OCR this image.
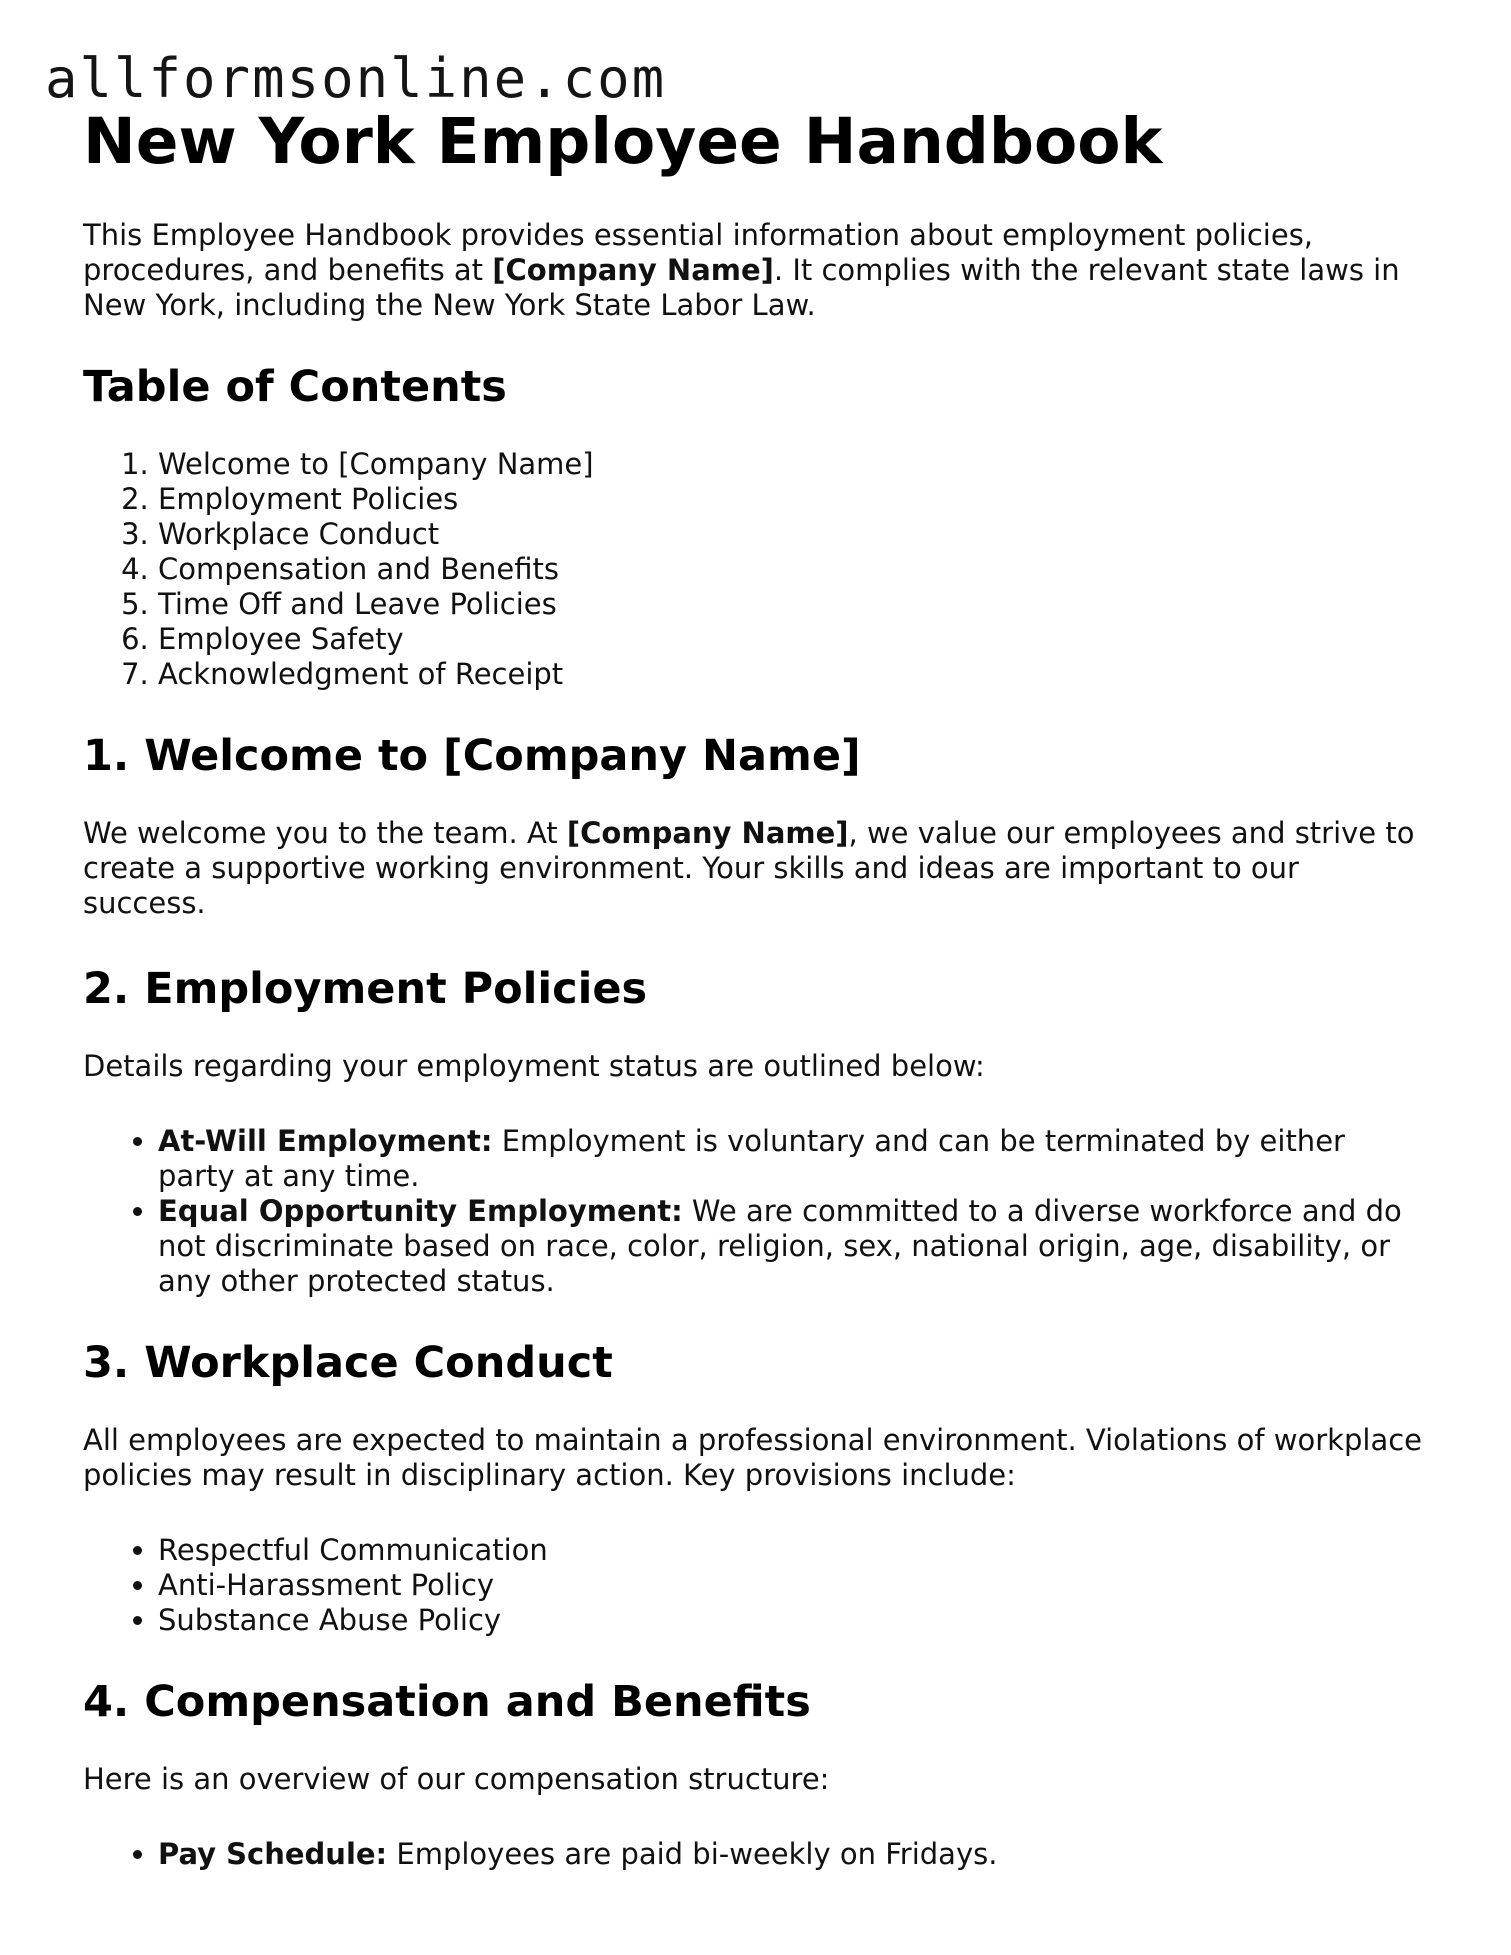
allformsonline.com
New York Employee Handbook

This Employee Handbook provides essential information about employment policies, procedures, and benefits at [Company Name]. It complies with the relevant state laws in New York, including the New York State Labor Law.

Table of Contents
1. Welcome to [Company Name]
2. Employment Policies
3. Workplace Conduct
4. Compensation and Benefits
5. Time Off and Leave Policies
6. Employee Safety
7. Acknowledgment of Receipt
1. Welcome to [Company Name]

We welcome you to the team. At [Company Name], we value our employees and strive to create a supportive working environment. Your skills and ideas are important to our success.

2. Employment Policies

Details regarding your employment status are outlined below:

• At-Will Employment: Employment is voluntary and can be terminated by either party at any time.
• Equal Opportunity Employment: We are committed to a diverse workforce and do not discriminate based on race, color, religion, sex, national origin, age, disability, or any other protected status.
3. Workplace Conduct

All employees are expected to maintain a professional environment. Violations of workplace policies may result in disciplinary action. Key provisions include:

• Respectful Communication
• Anti-Harassment Policy
• Substance Abuse Policy
4. Compensation and Benefits

Here is an overview of our compensation structure:

• Pay Schedule: Employees are paid bi-weekly on Fridays.
